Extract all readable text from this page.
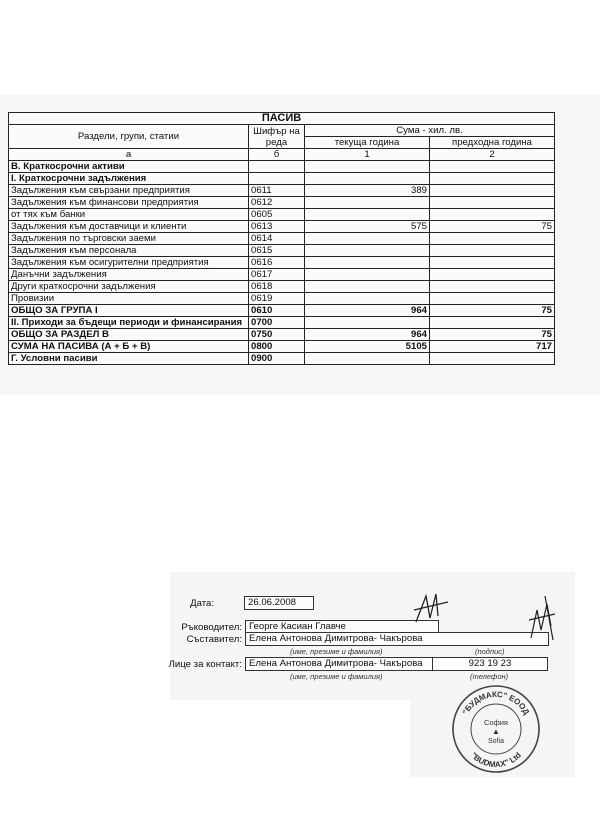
ПАСИВ			
Раздели, групи, статии	Шифър на реда	Сума - хил. лв.	
		текуща година	предходна година
а	б	1	2
В. Краткосрочни активи			
I. Краткосрочни задължения			
Задължения към свързани предприятия	0611	389	
Задължения към финансови предприятия	0612		
от тях към банки	0605		
Задължения към доставчици и клиенти	0613	575	75
Задължения по търговски заеми	0614		
Задължения към персонала	0615		
Задължения към осигурителни предприятия	0616		
Данъчни задължения	0617		
Други краткосрочни задължения	0618		
Провизии	0619		
ОБЩО ЗА ГРУПА I	0610	964	75
II. Приходи за бъдещи периоди и финансирания	0700		
ОБЩО ЗА РАЗДЕЛ В	0750	964	75
СУМА НА ПАСИВА (А + Б + В)	0800	5105	717
Г. Условни пасиви	0900		
Дата:	26.06.2008
Ръководител: Георге Касиан Главче
Съставител: Елена Антонова Димитрова- Чакърова
(име, презиме и фамилия)	(подпис)
Лице за контакт: Елена Антонова Димитрова- Чакърова	923 19 23
(име, презиме и фамилия)	(телефон)
"БУДМАКС" ЕООД
"BUDMAX" Ltd
София
▲
Sofia
